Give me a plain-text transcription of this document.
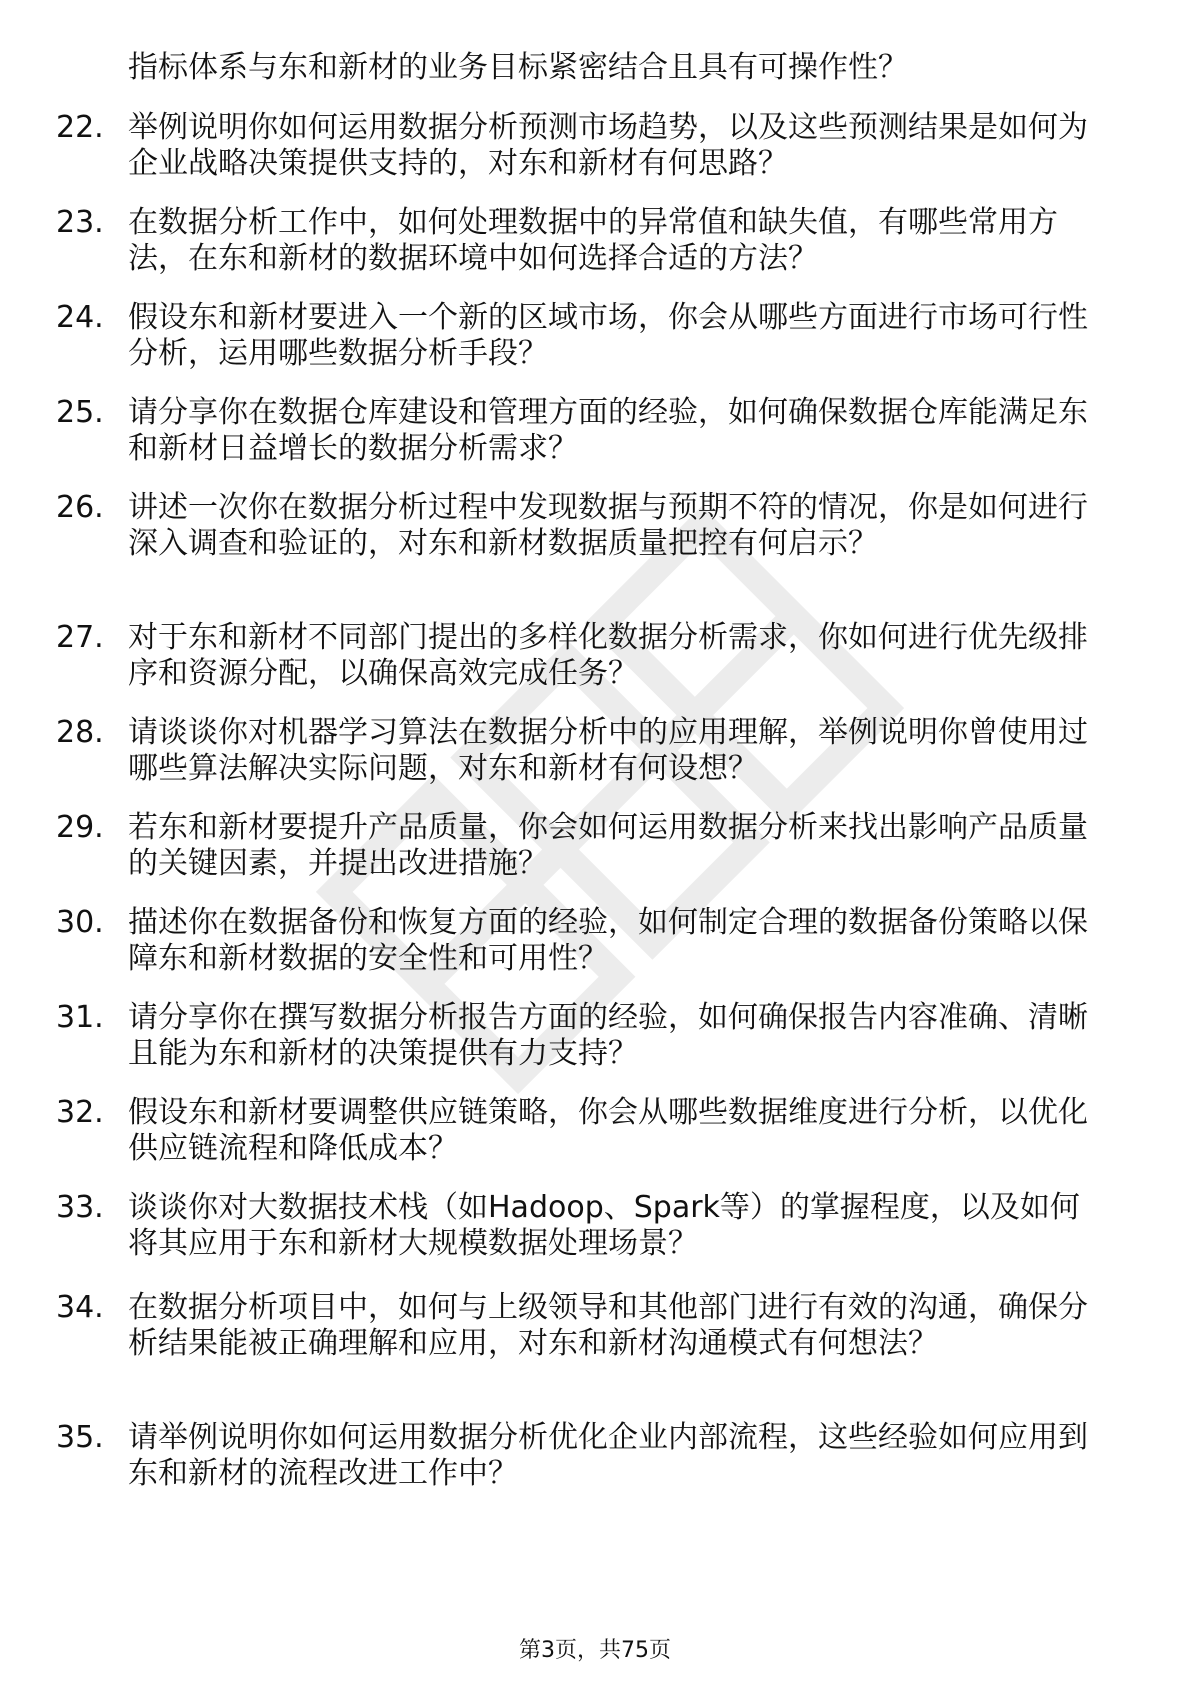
指标体系与东和新材的业务目标紧密结合且具有可操作性？

22. 举例说明你如何运用数据分析预测市场趋势，以及这些预测结果是如何为企业战略决策提供支持的，对东和新材有何思路？
23. 在数据分析工作中，如何处理数据中的异常值和缺失值，有哪些常用方法，在东和新材的数据环境中如何选择合适的方法？
24. 假设东和新材要进入一个新的区域市场，你会从哪些方面进行市场可行性分析，运用哪些数据分析手段？
25. 请分享你在数据仓库建设和管理方面的经验，如何确保数据仓库能满足东和新材日益增长的数据分析需求？
26. 讲述一次你在数据分析过程中发现数据与预期不符的情况，你是如何进行深入调查和验证的，对东和新材数据质量把控有何启示？
27. 对于东和新材不同部门提出的多样化数据分析需求，你如何进行优先级排序和资源分配，以确保高效完成任务？
28. 请谈谈你对机器学习算法在数据分析中的应用理解，举例说明你曾使用过哪些算法解决实际问题，对东和新材有何设想？
29. 若东和新材要提升产品质量，你会如何运用数据分析来找出影响产品质量的关键因素，并提出改进措施？
30. 描述你在数据备份和恢复方面的经验，如何制定合理的数据备份策略以保障东和新材数据的安全性和可用性？
31. 请分享你在撰写数据分析报告方面的经验，如何确保报告内容准确、清晰且能为东和新材的决策提供有力支持？
32. 假设东和新材要调整供应链策略，你会从哪些数据维度进行分析，以优化供应链流程和降低成本？
33. 谈谈你对大数据技术栈（如Hadoop、Spark等）的掌握程度，以及如何将其应用于东和新材大规模数据处理场景？
34. 在数据分析项目中，如何与上级领导和其他部门进行有效的沟通，确保分析结果能被正确理解和应用，对东和新材沟通模式有何想法？
35. 请举例说明你如何运用数据分析优化企业内部流程，这些经验如何应用到东和新材的流程改进工作中？
第3页，共75页
